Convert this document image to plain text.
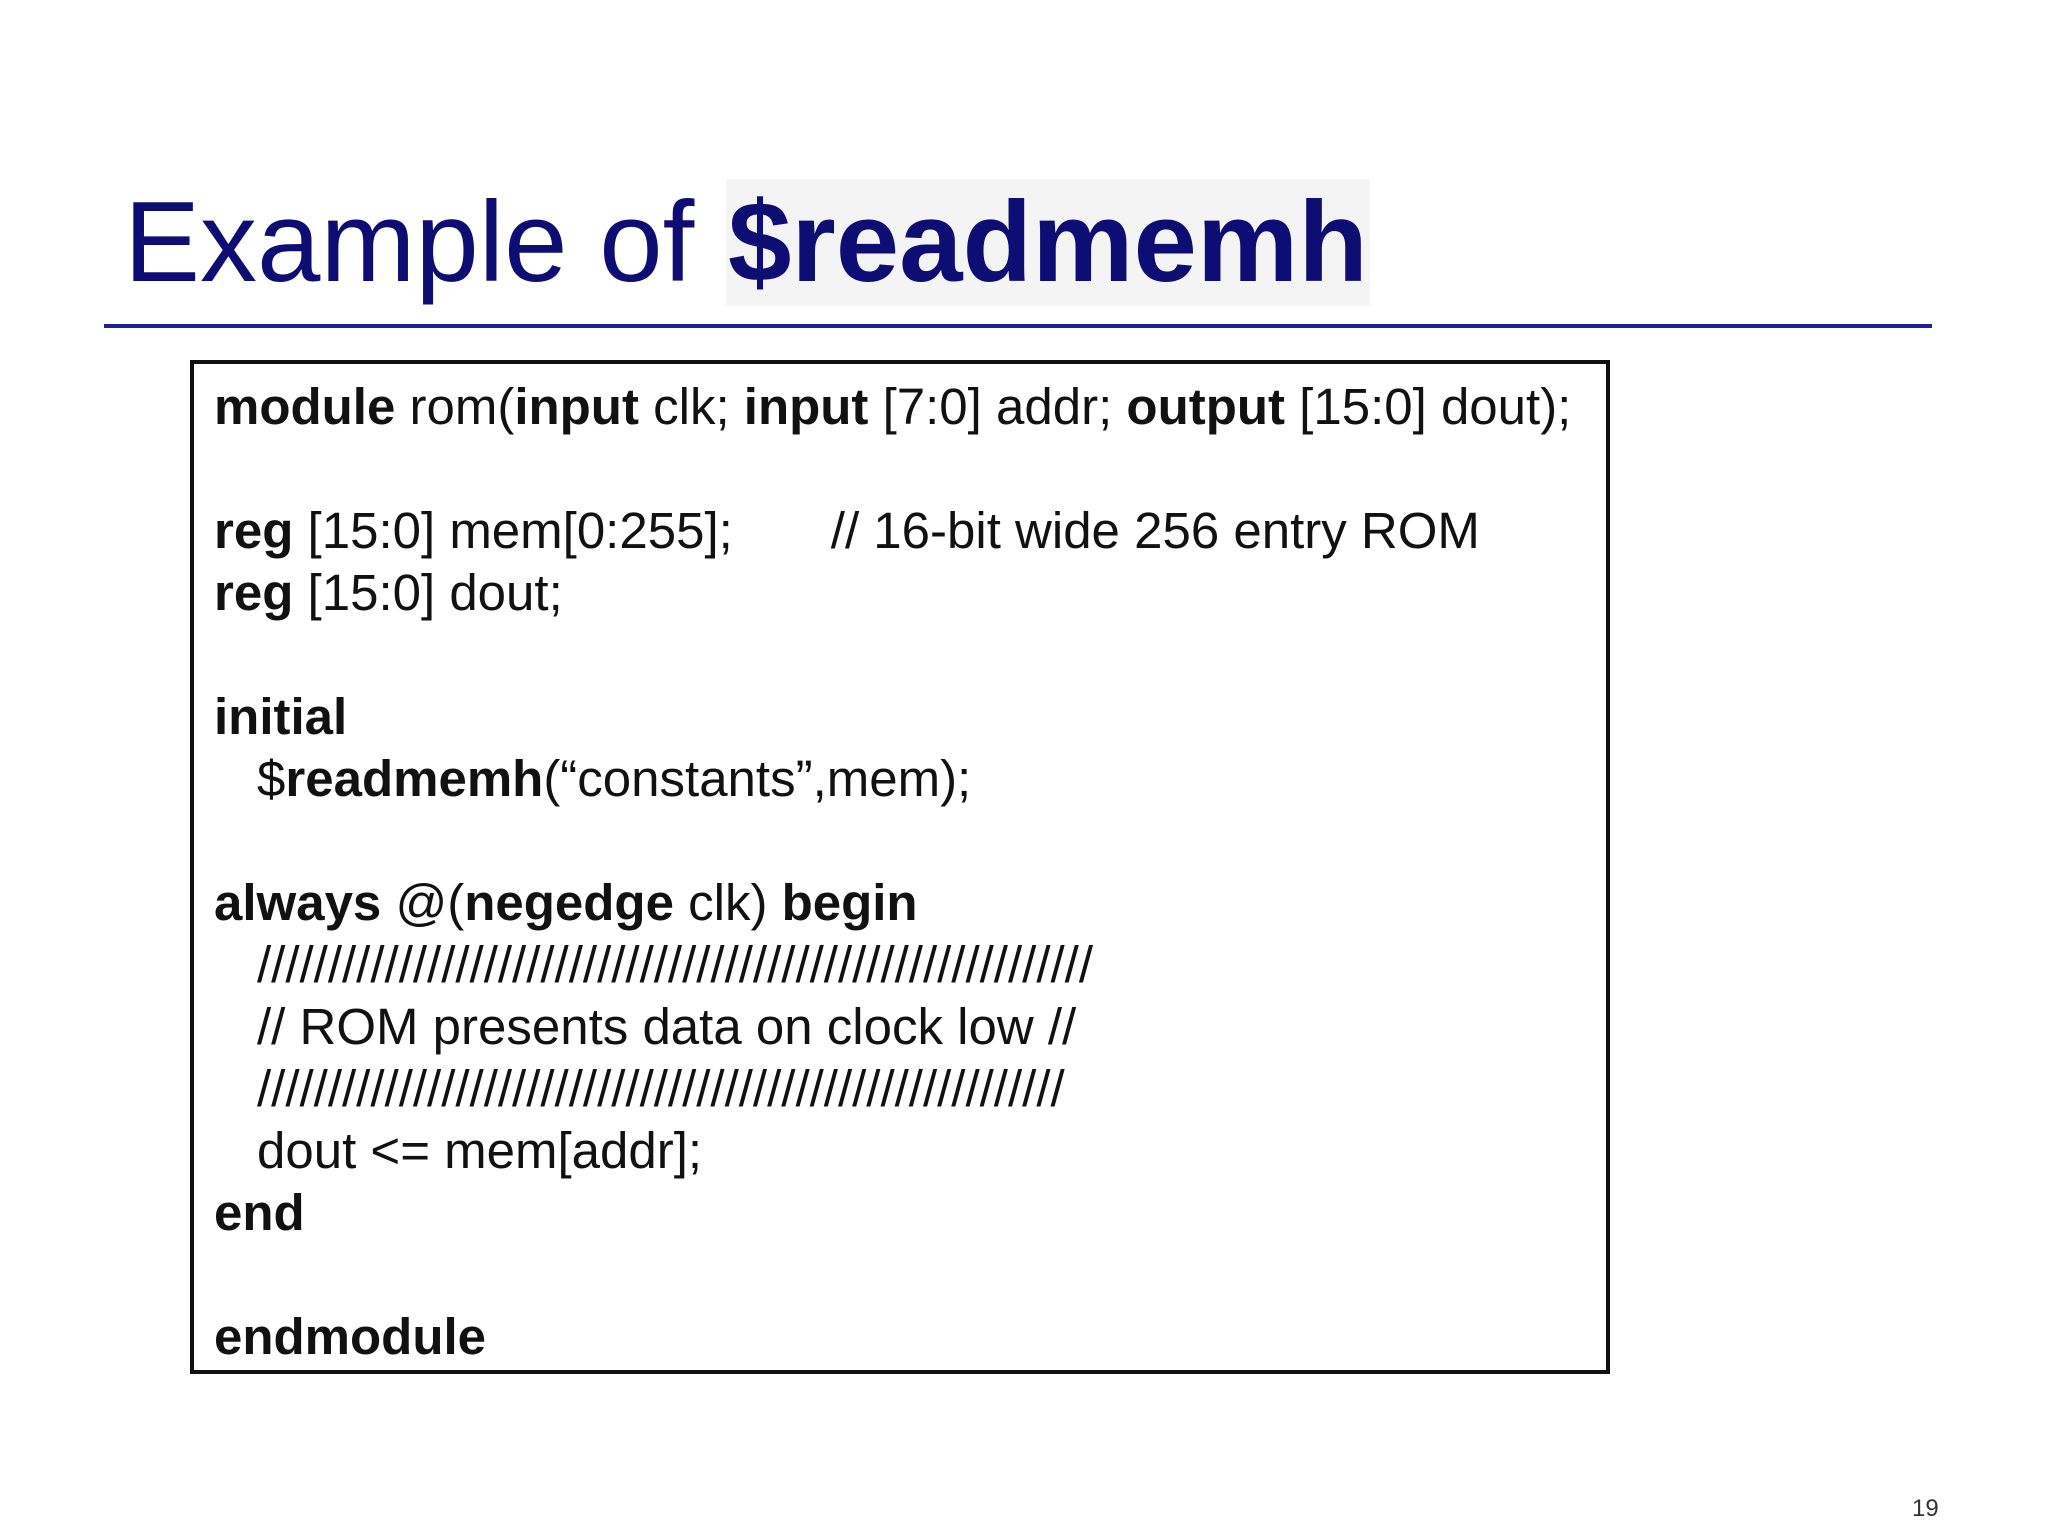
Example of $readmemh
module rom(input clk; input [7:0] addr; output [15:0] dout);
reg [15:0] mem[0:255]; // 16-bit wide 256 entry ROM
reg [15:0] dout;
initial
$readmemh(“constants”,mem);
always @(negedge clk) begin
///////////////////////////////////////////////////////////
// ROM presents data on clock low //
/////////////////////////////////////////////////////////
dout <= mem[addr];
end
endmodule
19
